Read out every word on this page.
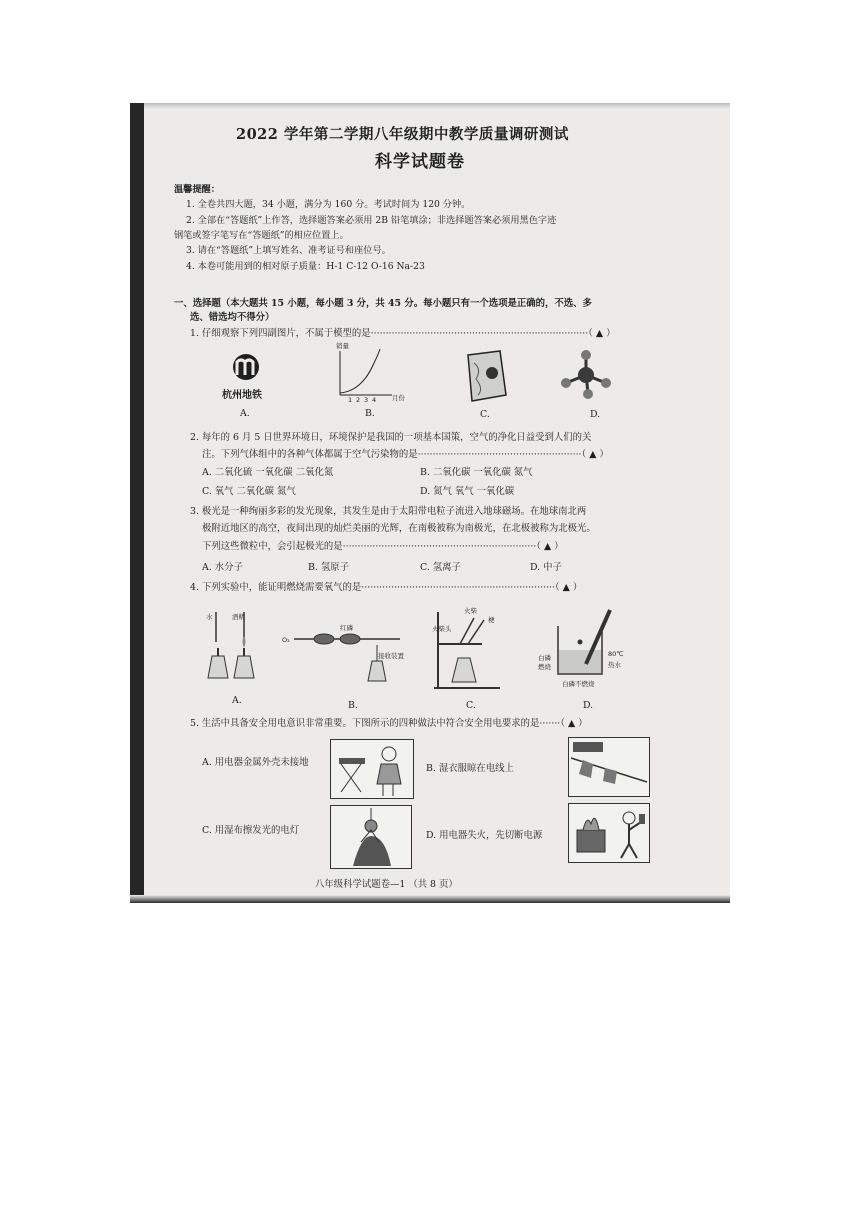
2022 学年第二学期八年级期中教学质量调研测试
科学试题卷
温馨提醒：
1. 全卷共四大题，34 小题，满分为 160 分。考试时间为 120 分钟。
2. 全部在“答题纸”上作答，选择题答案必须用 2B 铅笔填涂；非选择题答案必须用黑色字迹
钢笔或签字笔写在“答题纸”的相应位置上。
3. 请在“答题纸”上填写姓名、准考证号和座位号。
4. 本卷可能用到的相对原子质量：H-1 C-12 O-16 Na-23
一、选择题（本大题共 15 小题，每小题 3 分，共 45 分。每小题只有一个选项是正确的，不选、多
选、错选均不得分）
1. 仔细观察下列四副图片，不属于模型的是·········································································（ ▲ ）
杭州地铁
销量
月份
1 2 3 4
A.	B.	C.	D.
2. 每年的 6 月 5 日世界环境日，环境保护是我国的一项基本国策，空气的净化日益受到人们的关
注。下列气体组中的各种气体都属于空气污染物的是·······················································（ ▲ ）
A. 二氧化硫 一氧化碳 二氧化氮	B. 二氧化碳 一氧化碳 氮气
C. 氧气 二氧化碳 氮气	D. 氮气 氧气 一氧化碳
3. 极光是一种绚丽多彩的发光现象，其发生是由于太阳带电粒子流进入地球磁场。在地球南北两
极附近地区的高空，夜间出现的灿烂美丽的光辉，在南极被称为南极光，在北极被称为北极光。
下列这些微粒中，会引起极光的是·································································（ ▲ ）
A. 水分子	B. 氢原子	C. 氢离子	D. 中子
4. 下列实验中，能证明燃烧需要氧气的是·································································（ ▲ ）
水	酒精
O₂
红磷
接收装置
火柴
梗
火柴头
白磷
燃烧
80℃
热水
白磷不燃烧
A.	B.	C.	D.
5. 生活中具备安全用电意识非常重要。下图所示的四种做法中符合安全用电要求的是·······（ ▲ ）
A. 用电器金属外壳未接地
B. 湿衣服晾在电线上
C. 用湿布擦发光的电灯	D. 用电器失火，先切断电源
八年级科学试题卷—1 （共 8 页）
